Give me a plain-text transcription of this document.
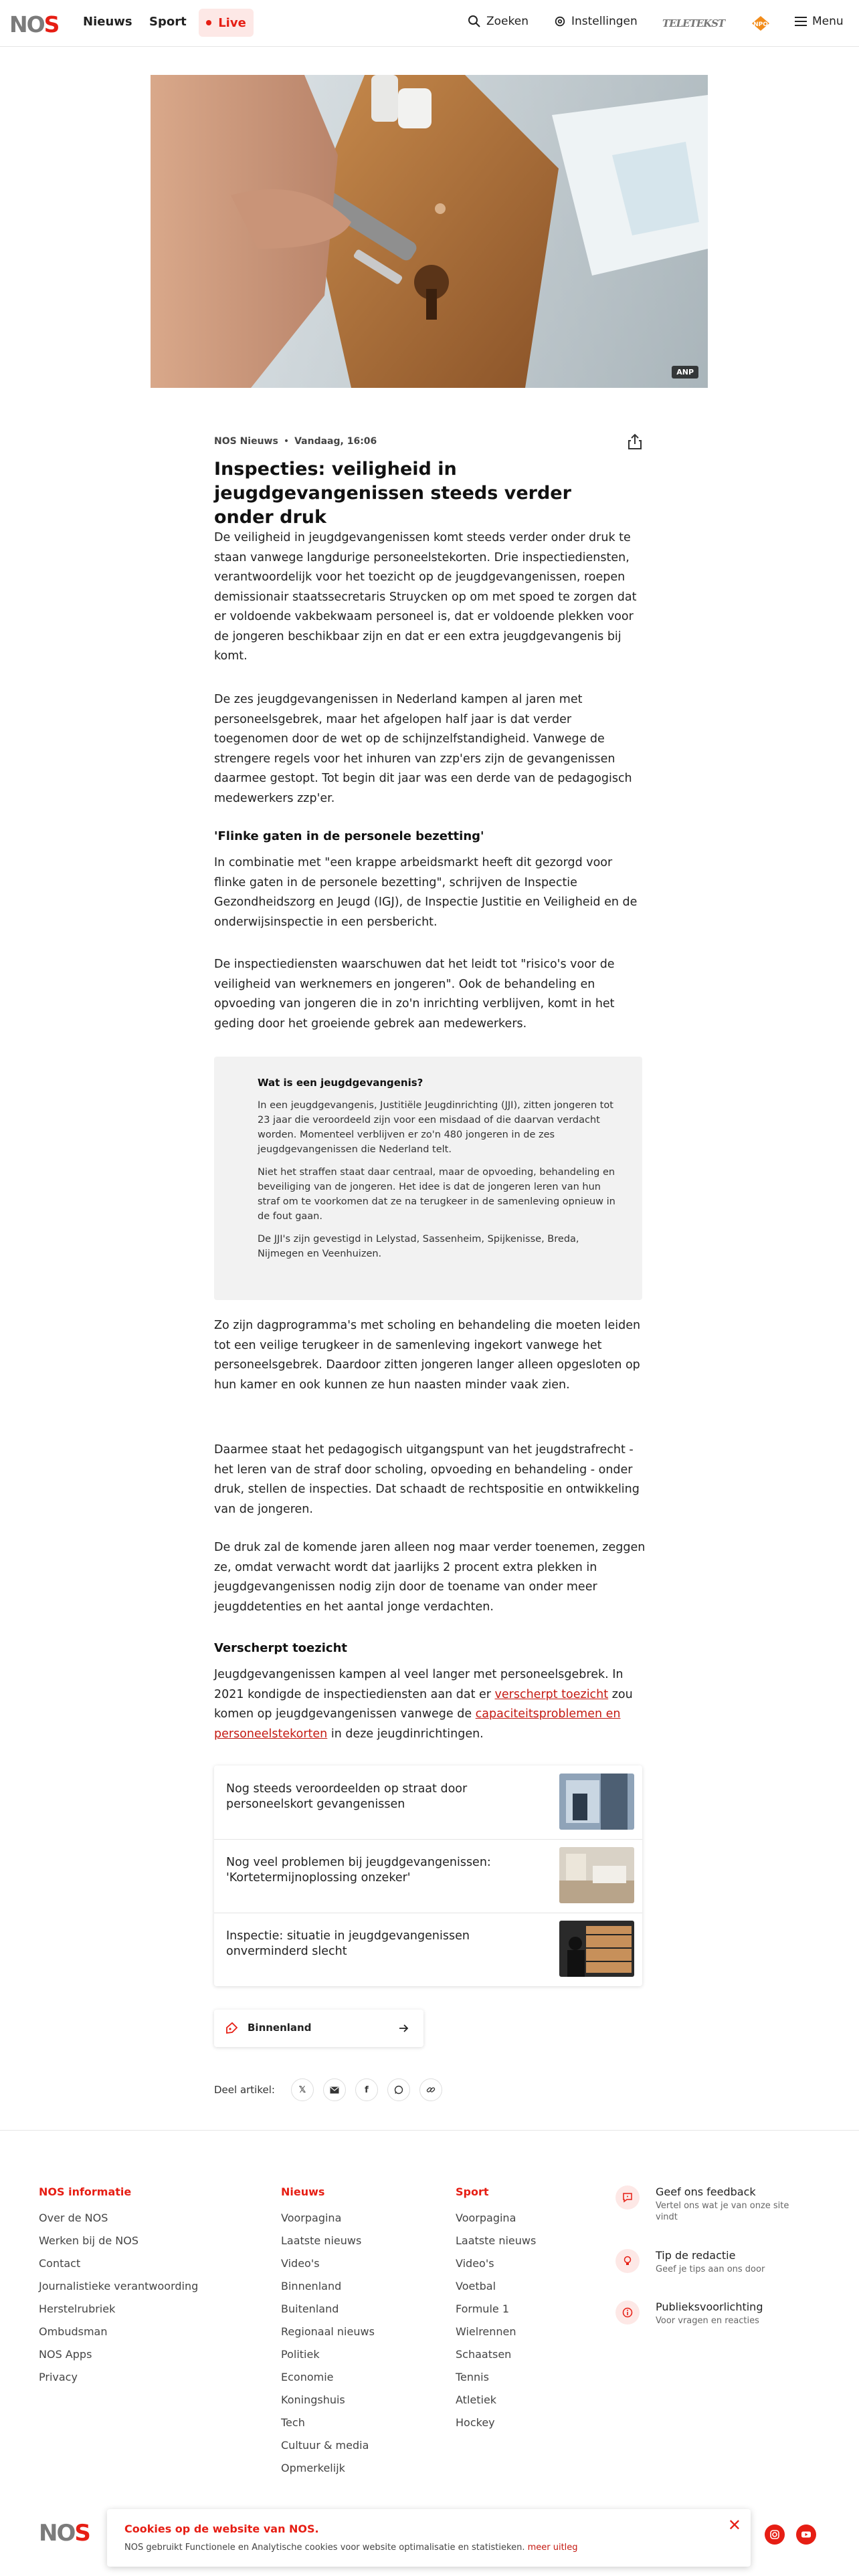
NOS Nieuws Sport	Live	Zoeken	Instellingen TELETEKST	NPO	Menu
ANP
NOS Nieuws • Vandaag, 16:06
Inspecties: veiligheid in jeugdgevangenissen steeds verder onder druk
De veiligheid in jeugdgevangenissen komt steeds verder onder druk te staan vanwege langdurige personeelstekorten. Drie inspectiediensten, verantwoordelijk voor het toezicht op de jeugdgevangenissen, roepen demissionair staatssecretaris Struycken op om met spoed te zorgen dat er voldoende vakbekwaam personeel is, dat er voldoende plekken voor de jongeren beschikbaar zijn en dat er een extra jeugdgevangenis bij komt.
De zes jeugdgevangenissen in Nederland kampen al jaren met personeelsgebrek, maar het afgelopen half jaar is dat verder toegenomen door de wet op de schijnzelfstandigheid. Vanwege de strengere regels voor het inhuren van zzp'ers zijn de gevangenissen daarmee gestopt. Tot begin dit jaar was een derde van de pedagogisch medewerkers zzp'er.
'Flinke gaten in de personele bezetting'
In combinatie met "een krappe arbeidsmarkt heeft dit gezorgd voor flinke gaten in de personele bezetting", schrijven de Inspectie Gezondheidszorg en Jeugd (IGJ), de Inspectie Justitie en Veiligheid en de onderwijsinspectie in een persbericht.
De inspectiediensten waarschuwen dat het leidt tot "risico's voor de veiligheid van werknemers en jongeren". Ook de behandeling en opvoeding van jongeren die in zo'n inrichting verblijven, komt in het geding door het groeiende gebrek aan medewerkers.
Wat is een jeugdgevangenis?
In een jeugdgevangenis, Justitiële Jeugdinrichting (JJI), zitten jongeren tot 23 jaar die veroordeeld zijn voor een misdaad of die daarvan verdacht worden. Momenteel verblijven er zo'n 480 jongeren in de zes jeugdgevangenissen die Nederland telt.
Niet het straffen staat daar centraal, maar de opvoeding, behandeling en beveiliging van de jongeren. Het idee is dat de jongeren leren van hun straf om te voorkomen dat ze na terugkeer in de samenleving opnieuw in de fout gaan.
De JJI's zijn gevestigd in Lelystad, Sassenheim, Spijkenisse, Breda, Nijmegen en Veenhuizen.
Zo zijn dagprogramma's met scholing en behandeling die moeten leiden tot een veilige terugkeer in de samenleving ingekort vanwege het personeelsgebrek. Daardoor zitten jongeren langer alleen opgesloten op hun kamer en ook kunnen ze hun naasten minder vaak zien.
Daarmee staat het pedagogisch uitgangspunt van het jeugdstrafrecht - het leren van de straf door scholing, opvoeding en behandeling - onder druk, stellen de inspecties. Dat schaadt de rechtspositie en ontwikkeling van de jongeren.
De druk zal de komende jaren alleen nog maar verder toenemen, zeggen ze, omdat verwacht wordt dat jaarlijks 2 procent extra plekken in jeugdgevangenissen nodig zijn door de toename van onder meer jeugddetenties en het aantal jonge verdachten.
Verscherpt toezicht
Jeugdgevangenissen kampen al veel langer met personeelsgebrek. In 2021 kondigde de inspectiediensten aan dat er verscherpt toezicht zou komen op jeugdgevangenissen vanwege de capaciteitsproblemen en personeelstekorten in deze jeugdinrichtingen.
Nog steeds veroordeelden op straat door personeelskort gevangenissen
Nog veel problemen bij jeugdgevangenissen: 'Kortetermijnoplossing onzeker'
Inspectie: situatie in jeugdgevangenissen onverminderd slecht
Binnenland
Deel artikel:	𝕏	f
NOS informatie
Over de NOS
Werken bij de NOS
Contact
Journalistieke verantwoording
Herstelrubriek
Ombudsman
NOS Apps
Privacy
Nieuws
Voorpagina
Laatste nieuws
Video's
Binnenland
Buitenland
Regionaal nieuws
Politiek
Economie
Koningshuis
Tech
Cultuur & media
Opmerkelijk
Sport
Voorpagina
Laatste nieuws
Video's
Voetbal
Formule 1
Wielrennen
Schaatsen
Tennis
Atletiek
Hockey
Geef ons feedback
Vertel ons wat je van onze site vindt
Tip de redactie
Geef je tips aan ons door
Publieksvoorlichting
Voor vragen en reacties
NOS	Cookies op de website van NOS.
NOS gebruikt Functionele en Analytische cookies voor website optimalisatie en statistieken. meer uitleg
✕
